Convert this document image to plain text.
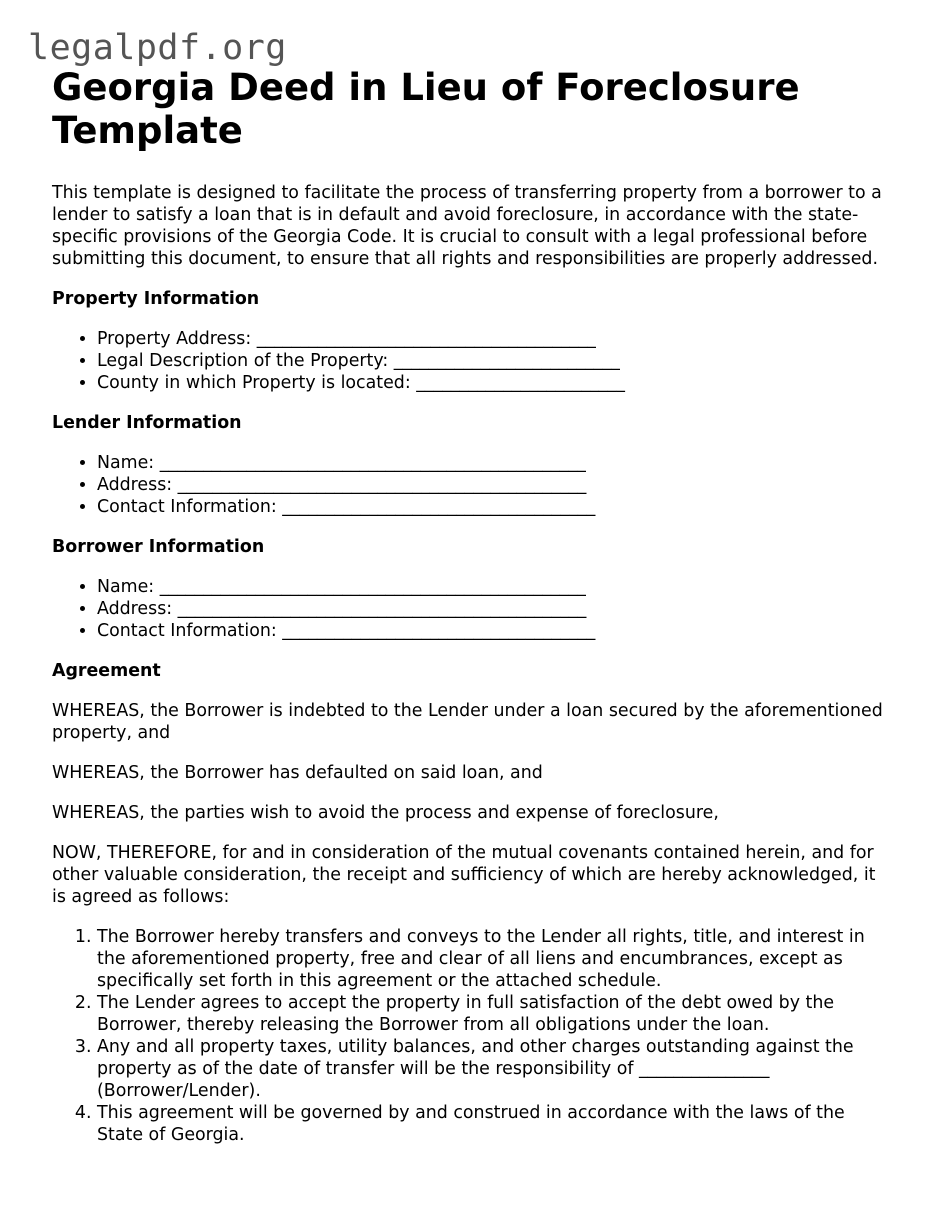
legalpdf.org
Georgia Deed in Lieu of Foreclosure Template

This template is designed to facilitate the process of transferring property from a borrower to a lender to satisfy a loan that is in default and avoid foreclosure, in accordance with the state-specific provisions of the Georgia Code. It is crucial to consult with a legal professional before submitting this document, to ensure that all rights and responsibilities are properly addressed.

Property Information
• Property Address: _______________________________________
• Legal Description of the Property: __________________________
• County in which Property is located: ________________________
Lender Information
• Name: _________________________________________________
• Address: _______________________________________________
• Contact Information: ____________________________________
Borrower Information
• Name: _________________________________________________
• Address: _______________________________________________
• Contact Information: ____________________________________
Agreement

WHEREAS, the Borrower is indebted to the Lender under a loan secured by the aforementioned property, and

WHEREAS, the Borrower has defaulted on said loan, and

WHEREAS, the parties wish to avoid the process and expense of foreclosure,

NOW, THEREFORE, for and in consideration of the mutual covenants contained herein, and for other valuable consideration, the receipt and sufficiency of which are hereby acknowledged, it is agreed as follows:

1. The Borrower hereby transfers and conveys to the Lender all rights, title, and interest in the aforementioned property, free and clear of all liens and encumbrances, except as specifically set forth in this agreement or the attached schedule.
2. The Lender agrees to accept the property in full satisfaction of the debt owed by the Borrower, thereby releasing the Borrower from all obligations under the loan.
3. Any and all property taxes, utility balances, and other charges outstanding against the property as of the date of transfer will be the responsibility of _______________ (Borrower/Lender).
4. This agreement will be governed by and construed in accordance with the laws of the State of Georgia.
